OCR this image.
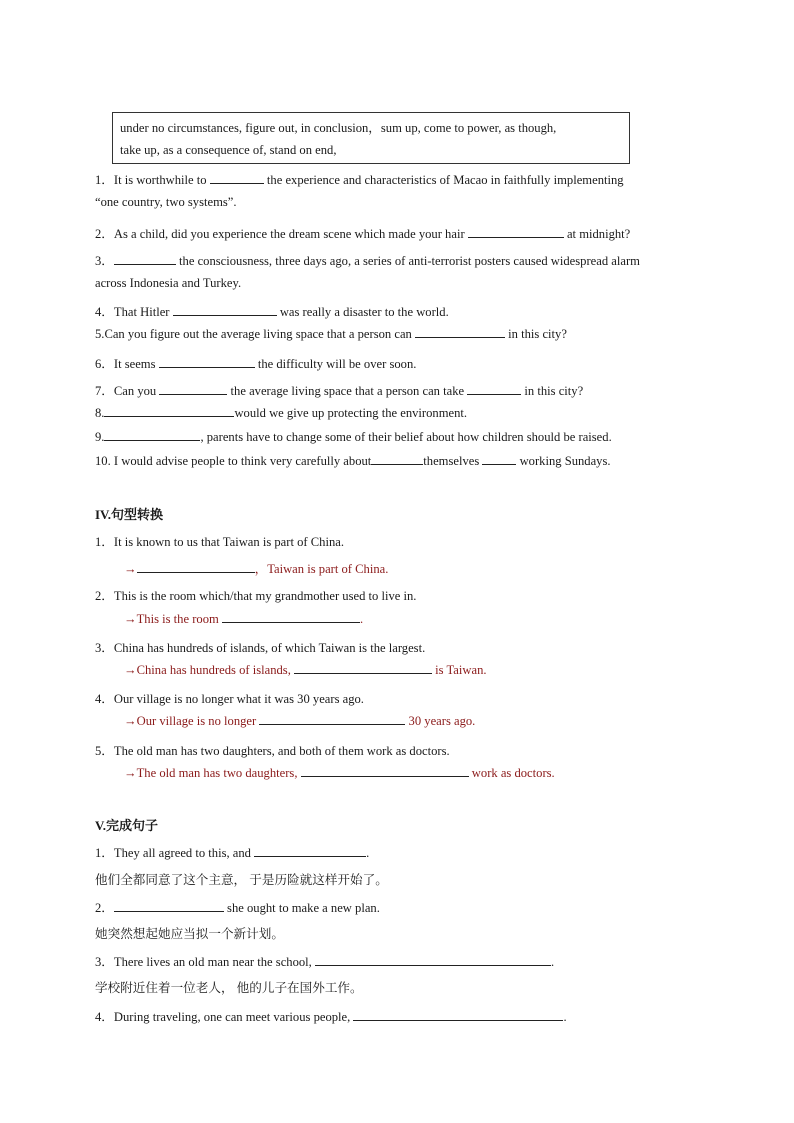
under no circumstances, figure out, in conclusion，sum up, come to power, as though,
take up, as a consequence of, stand on end,
1．It is worthwhile to	the experience and characteristics of Macao in faithfully implementing
“one country, two systems”.
2．As a child, did you experience the dream scene which made your hair	at midnight?
3．	the consciousness, three days ago, a series of anti-terrorist posters caused widespread alarm
across Indonesia and Turkey.
4．That Hitler	was really a disaster to the world.
5.Can you figure out the average living space that a person can	in this city?
6．It seems	the difficulty will be over soon.
7．Can you	the average living space that a person can take	in this city?
8.	would we give up protecting the environment.
9.	, parents have to change some of their belief about how children should be raised.
10. I would advise people to think very carefully about	themselves	working Sundays.
IV.句型转换
1．It is known to us that Taiwan is part of China.
→	，Taiwan is part of China.
2．This is the room which/that my grandmother used to live in.
→This is the room	.
3．China has hundreds of islands, of which Taiwan is the largest.
→China has hundreds of islands,	is Taiwan.
4．Our village is no longer what it was 30 years ago.
→Our village is no longer	30 years ago.
5．The old man has two daughters, and both of them work as doctors.
→The old man has two daughters,	work as doctors.
V.完成句子
1．They all agreed to this, and	.
他们全都同意了这个主意， 于是历险就这样开始了。
2．	she ought to make a new plan.
她突然想起她应当拟一个新计划。
3．There lives an old man near the school,	.
学校附近住着一位老人， 他的儿子在国外工作。
4．During traveling, one can meet various people,	.
